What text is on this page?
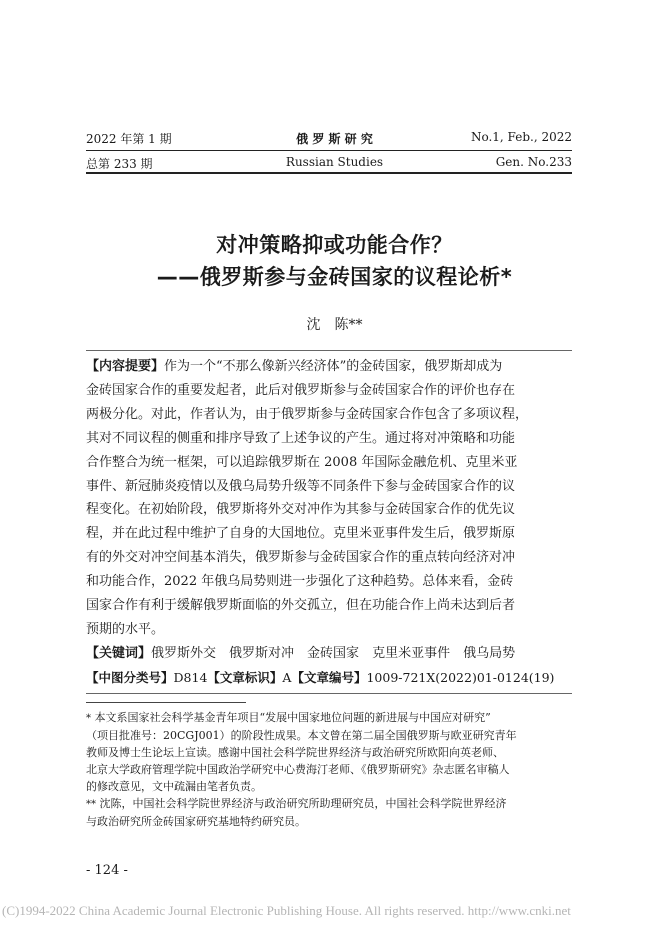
2022 年第 1 期	俄 罗 斯 研 究	No.1, Feb., 2022
总第 233 期	Russian Studies	Gen. No.233
对冲策略抑或功能合作？
——俄罗斯参与金砖国家的议程论析*
沈　陈**
【内容提要】作为一个“不那么像新兴经济体”的金砖国家，俄罗斯却成为
金砖国家合作的重要发起者，此后对俄罗斯参与金砖国家合作的评价也存在
两极分化。对此，作者认为，由于俄罗斯参与金砖国家合作包含了多项议程，
其对不同议程的侧重和排序导致了上述争议的产生。通过将对冲策略和功能
合作整合为统一框架，可以追踪俄罗斯在 2008 年国际金融危机、克里米亚
事件、新冠肺炎疫情以及俄乌局势升级等不同条件下参与金砖国家合作的议
程变化。在初始阶段，俄罗斯将外交对冲作为其参与金砖国家合作的优先议
程，并在此过程中维护了自身的大国地位。克里米亚事件发生后，俄罗斯原
有的外交对冲空间基本消失，俄罗斯参与金砖国家合作的重点转向经济对冲
和功能合作，2022 年俄乌局势则进一步强化了这种趋势。总体来看，金砖
国家合作有利于缓解俄罗斯面临的外交孤立，但在功能合作上尚未达到后者
预期的水平。
【关键词】俄罗斯外交 俄罗斯对冲 金砖国家 克里米亚事件 俄乌局势
【中图分类号】D814【文章标识】A【文章编号】1009-721X(2022)01-0124(19)
* 本文系国家社会科学基金青年项目“发展中国家地位问题的新进展与中国应对研究”
（项目批准号：20CGJ001）的阶段性成果。本文曾在第二届全国俄罗斯与欧亚研究青年
教师及博士生论坛上宣读。感谢中国社会科学院世界经济与政治研究所欧阳向英老师、
北京大学政府管理学院中国政治学研究中心费海汀老师、《俄罗斯研究》杂志匿名审稿人
的修改意见，文中疏漏由笔者负责。
** 沈陈，中国社会科学院世界经济与政治研究所助理研究员，中国社会科学院世界经济
与政治研究所金砖国家研究基地特约研究员。
- 124 -
(C)1994-2022 China Academic Journal Electronic Publishing House. All rights reserved. http://www.cnki.net
